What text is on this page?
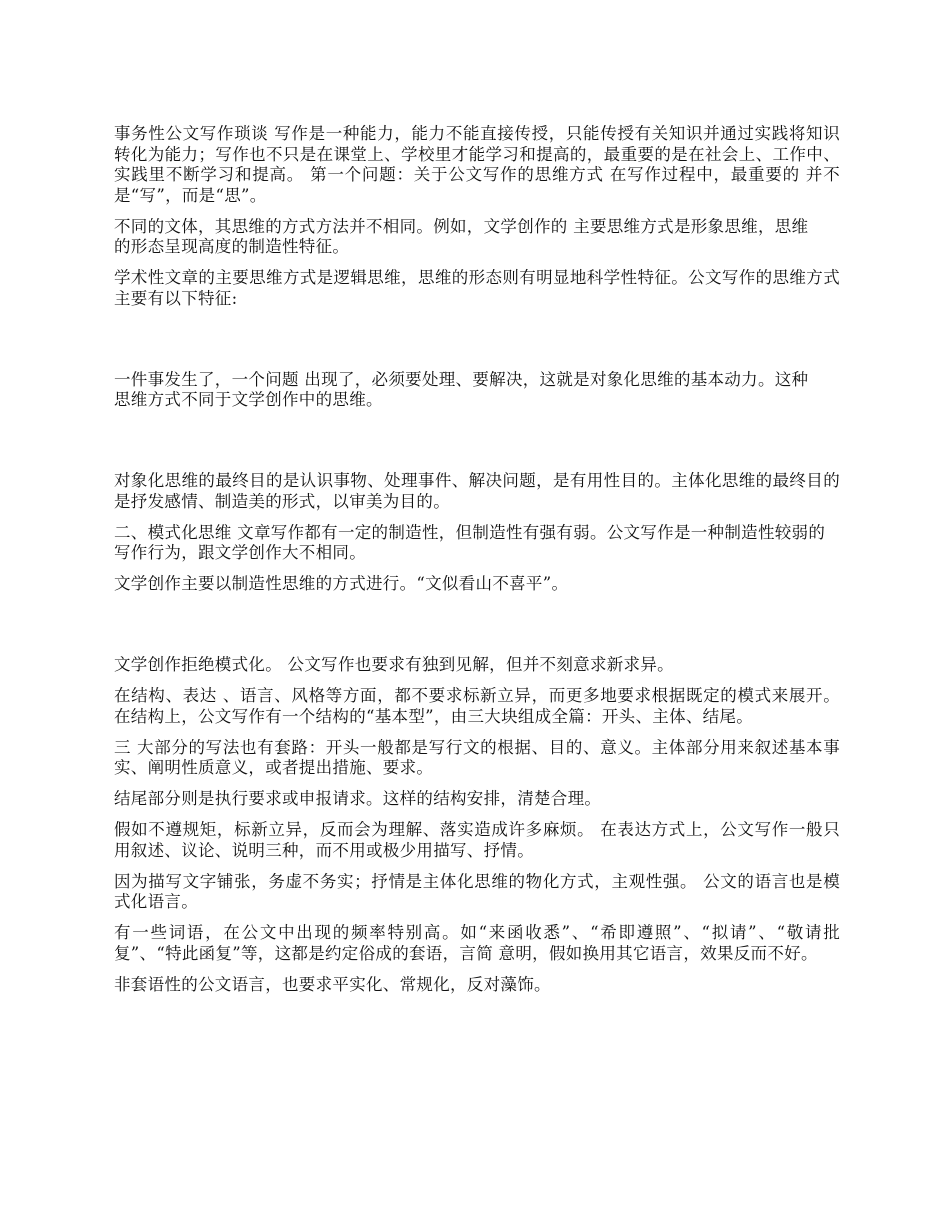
事务性公文写作琐谈 写作是一种能力，能力不能直接传授，只能传授有关知识并通过实践将知识转化为能力；写作也不只是在课堂上、学校里才能学习和提高的，最重要的是在社会上、工作中、实践里不断学习和提高。 第一个问题：关于公文写作的思维方式 在写作过程中，最重要的 并不是“写”，而是“思”。

不同的文体，其思维的方式方法并不相同。例如，文学创作的 主要思维方式是形象思维，思维的形态呈现高度的制造性特征。

学术性文章的主要思维方式是逻辑思维，思维的形态则有明显地科学性特征。公文写作的思维方式主要有以下特征:

一件事发生了，一个问题 出现了，必须要处理、要解决，这就是对象化思维的基本动力。这种思维方式不同于文学创作中的思维。

对象化思维的最终目的是认识事物、处理事件、解决问题，是有用性目的。主体化思维的最终目的是抒发感情、制造美的形式，以审美为目的。

二、模式化思维 文章写作都有一定的制造性，但制造性有强有弱。公文写作是一种制造性较弱的写作行为，跟文学创作大不相同。

文学创作主要以制造性思维的方式进行。“文似看山不喜平”。

文学创作拒绝模式化。 公文写作也要求有独到见解，但并不刻意求新求异。

在结构、表达 、语言、风格等方面，都不要求标新立异，而更多地要求根据既定的模式来展开。 在结构上，公文写作有一个结构的“基本型”，由三大块组成全篇：开头、主体、结尾。

三 大部分的写法也有套路：开头一般都是写行文的根据、目的、意义。主体部分用来叙述基本事实、阐明性质意义，或者提出措施、要求。

结尾部分则是执行要求或申报请求。这样的结构安排，清楚合理。

假如不遵规矩，标新立异，反而会为理解、落实造成许多麻烦。 在表达方式上，公文写作一般只用叙述、议论、说明三种，而不用或极少用描写、抒情。

因为描写文字铺张，务虚不务实；抒情是主体化思维的物化方式，主观性强。 公文的语言也是模式化语言。

有一些词语，在公文中出现的频率特别高。如“来函收悉”、“希即遵照”、“拟请”、“敬请批复”、“特此函复”等，这都是约定俗成的套语，言简 意明，假如换用其它语言，效果反而不好。

非套语性的公文语言，也要求平实化、常规化，反对藻饰。
